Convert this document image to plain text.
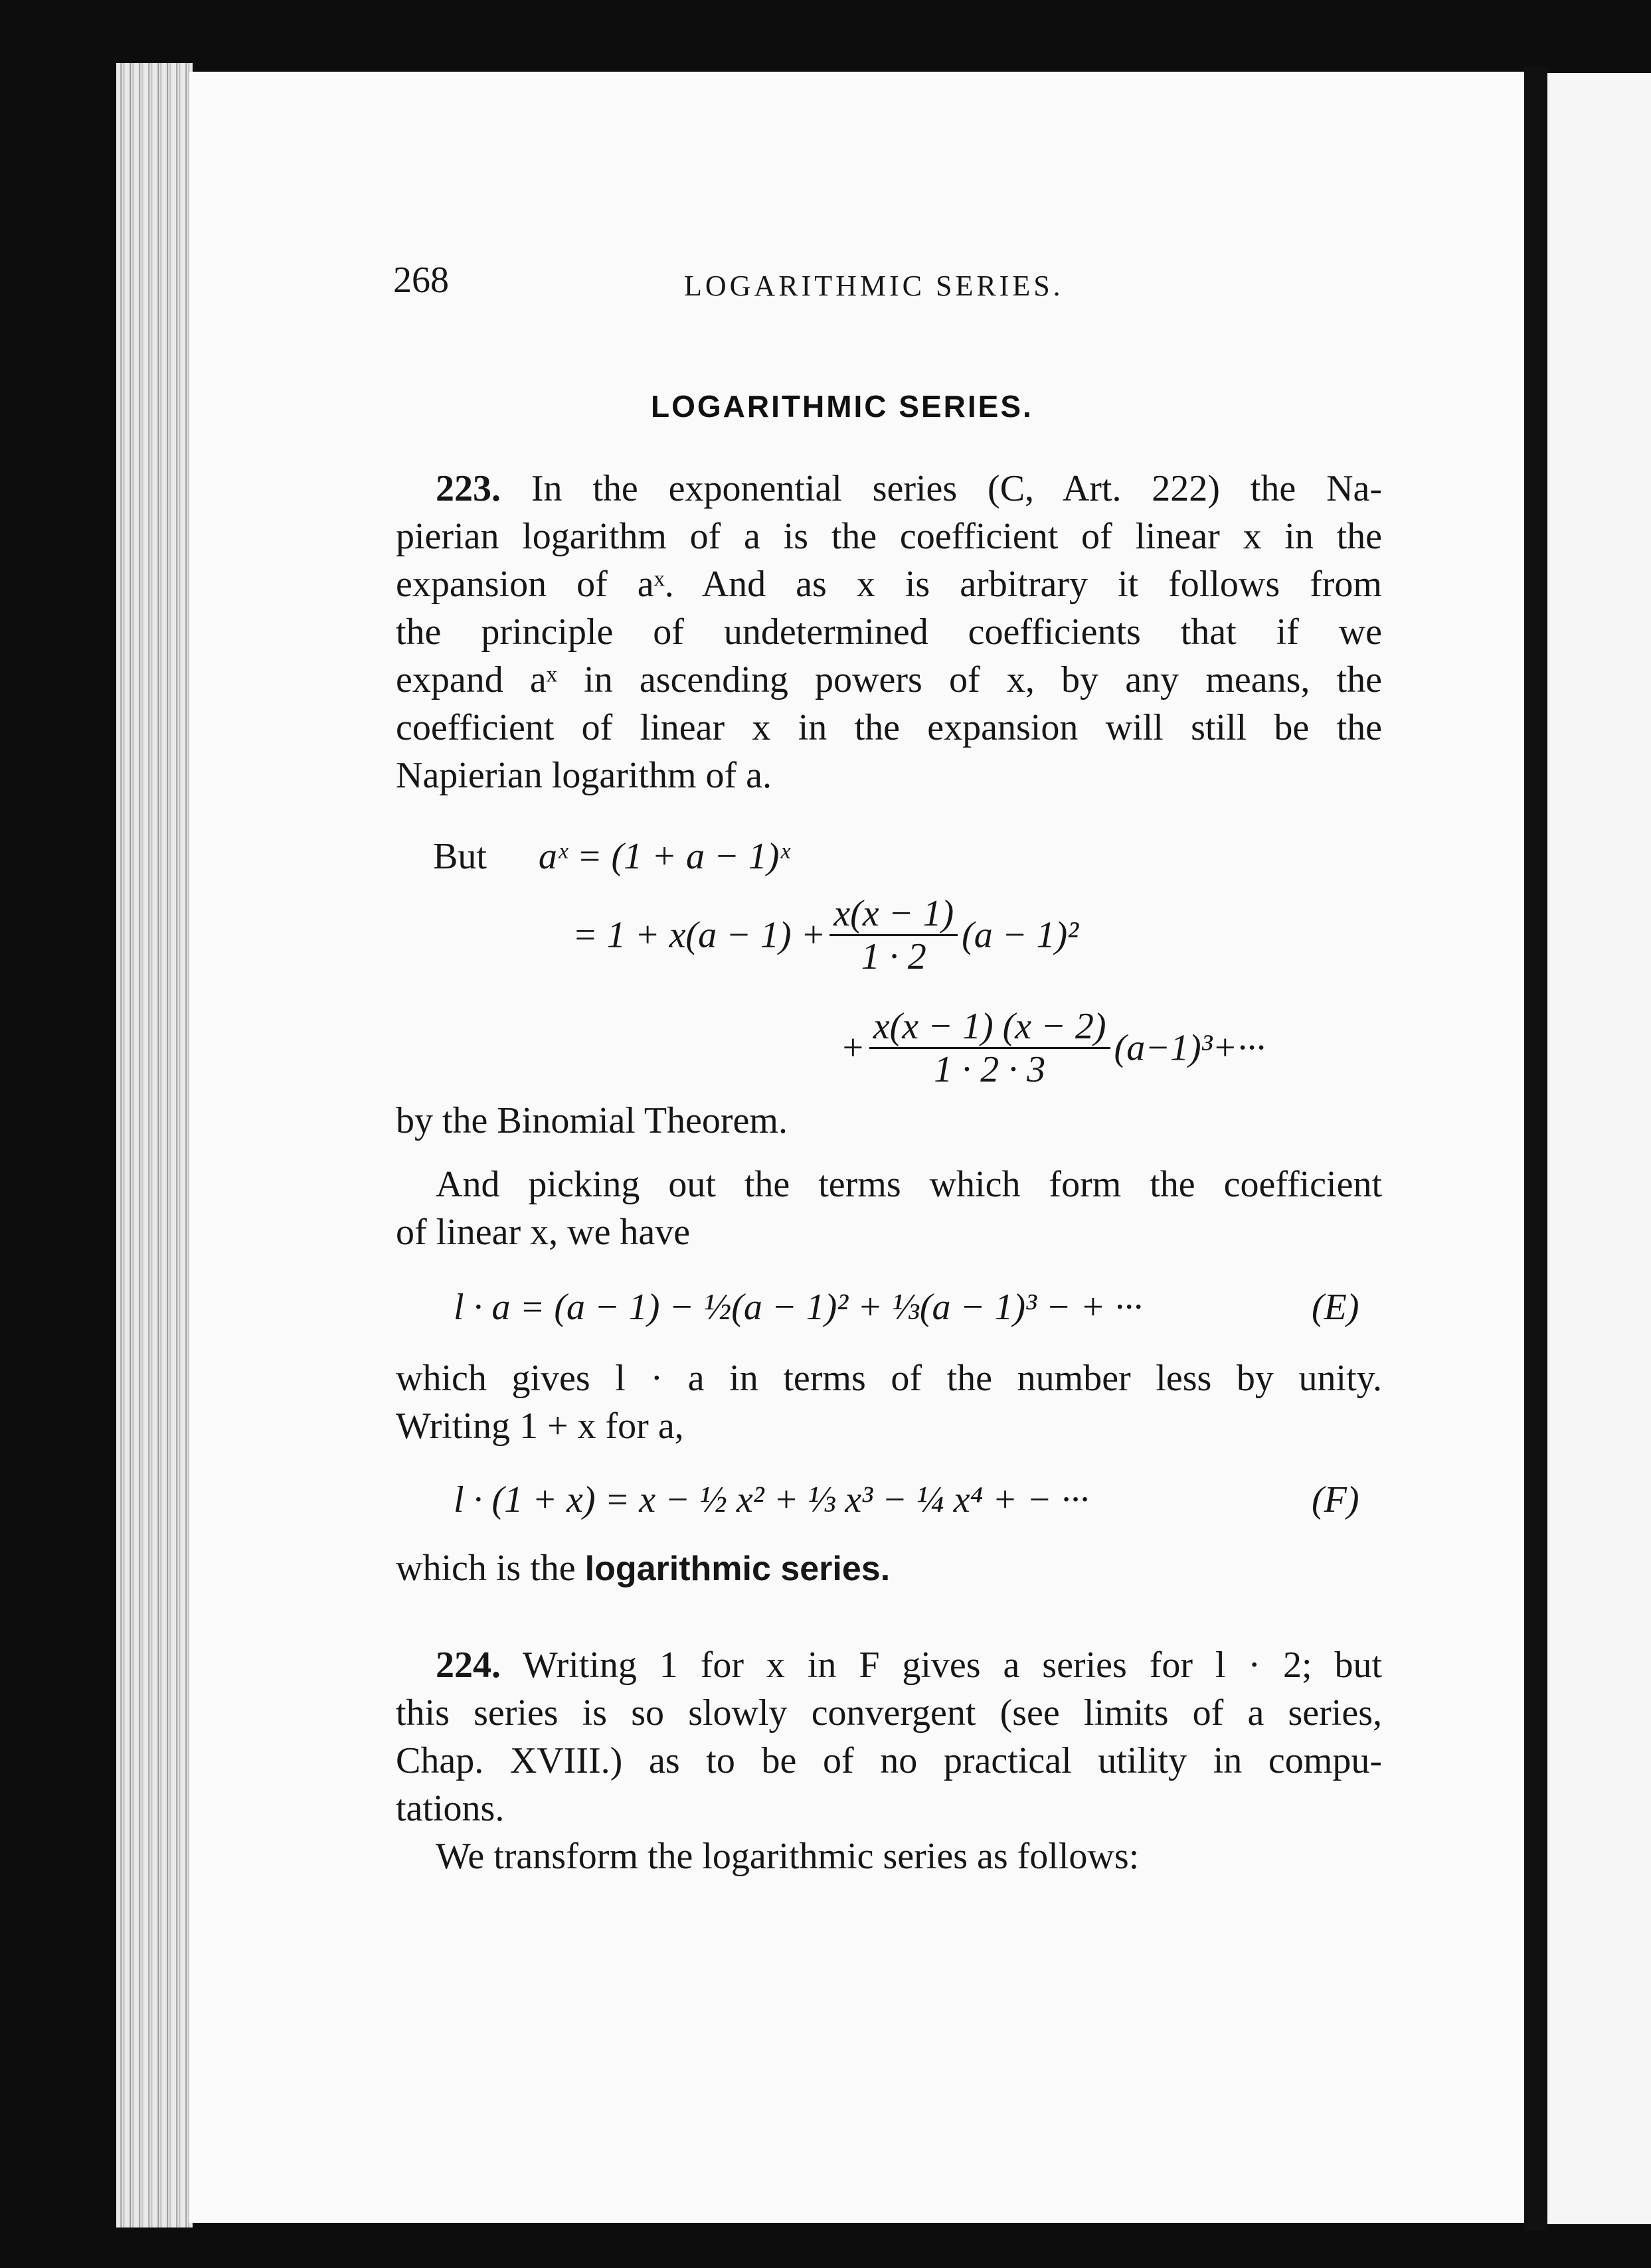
268	LOGARITHMIC SERIES.
LOGARITHMIC SERIES.
223. In the exponential series (C, Art. 222) the Na-
pierian logarithm of a is the coefficient of linear x in the
expansion of aˣ. And as x is arbitrary it follows from
the principle of undetermined coefficients that if we
expand aˣ in ascending powers of x, by any means, the
coefficient of linear x in the expansion will still be the
Napierian logarithm of a.
But aˣ = (1 + a − 1)ˣ
= $1 + x(a - 1) + \frac{x(x - 1)}{1 \cdot 2} (a - 1)^2$
+ $\frac{x(x - 1) (x - 2)}{1 \cdot 2 \cdot 3} (a-1)^3+\cdot\cdot\cdot$
by the Binomial Theorem.
And picking out the terms which form the coefficient
of linear x, we have
l · a = (a − 1) − ½(a − 1)² + ⅓(a − 1)³ − + ···	(E)
which gives l · a in terms of the number less by unity.
Writing 1 + x for a,
l · (1 + x) = x − ½ x² + ⅓ x³ − ¼ x⁴ + − ···	(F)
which is the logarithmic series.
224. Writing 1 for x in F gives a series for l · 2; but
this series is so slowly convergent (see limits of a series,
Chap. XVIII.) as to be of no practical utility in compu-
tations.
We transform the logarithmic series as follows:
